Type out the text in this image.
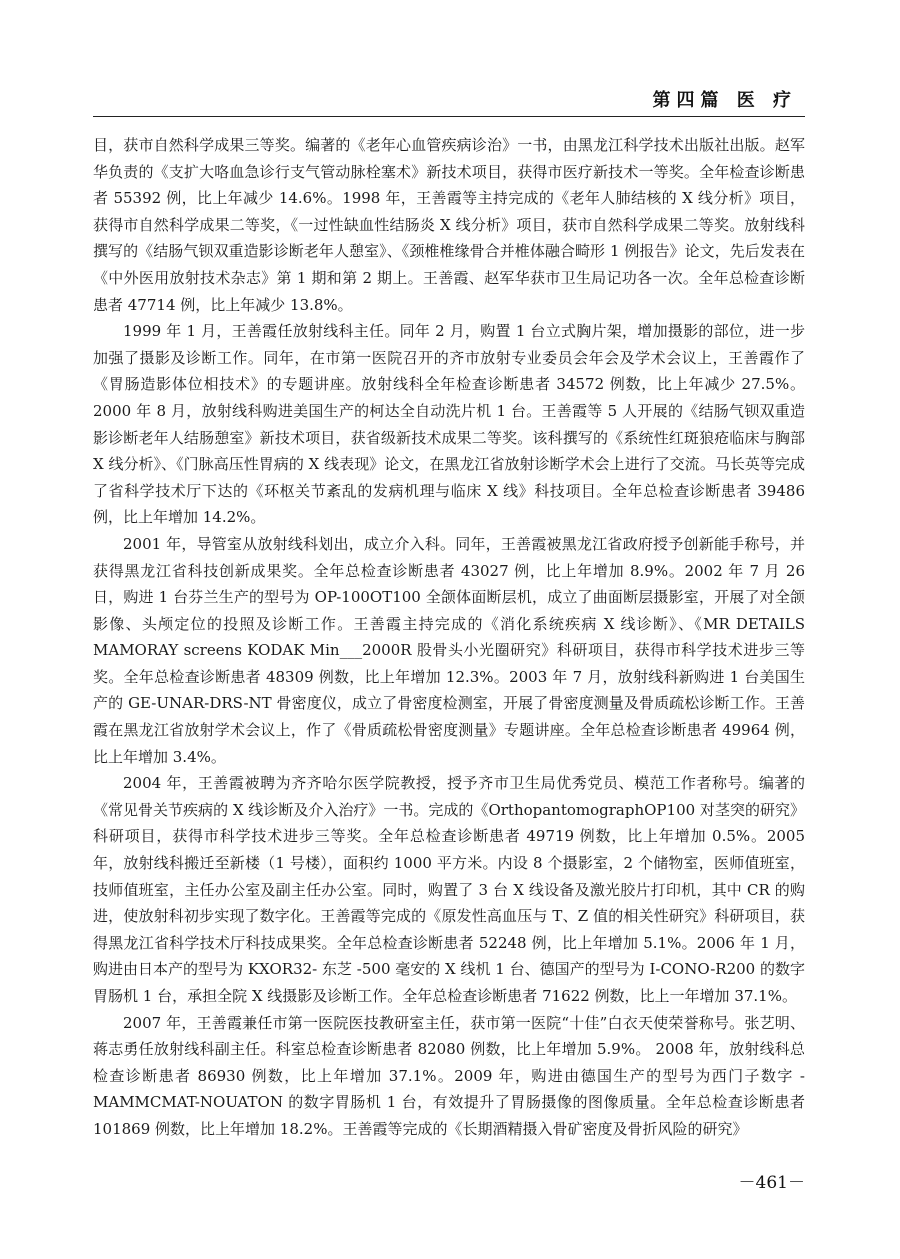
第四篇 医 疗

目，获市自然科学成果三等奖。编著的《老年心血管疾病诊治》一书，由黑龙江科学技术出版社出版。赵军华负责的《支扩大咯血急诊行支气管动脉栓塞术》新技术项目，获得市医疗新技术一等奖。全年检查诊断患者 55392 例，比上年减少 14.6%。1998 年，王善霞等主持完成的《老年人肺结核的 X 线分析》项目，获得市自然科学成果二等奖，《一过性缺血性结肠炎 X 线分析》项目，获市自然科学成果二等奖。放射线科撰写的《结肠气钡双重造影诊断老年人憩室》、《颈椎椎缘骨合并椎体融合畸形 1 例报告》论文，先后发表在《中外医用放射技术杂志》第 1 期和第 2 期上。王善霞、赵军华获市卫生局记功各一次。全年总检查诊断患者 47714 例，比上年减少 13.8%。

1999 年 1 月，王善霞任放射线科主任。同年 2 月，购置 1 台立式胸片架，增加摄影的部位，进一步加强了摄影及诊断工作。同年，在市第一医院召开的齐市放射专业委员会年会及学术会议上，王善霞作了《胃肠造影体位相技术》的专题讲座。放射线科全年检查诊断患者 34572 例数，比上年减少 27.5%。2000 年 8 月，放射线科购进美国生产的柯达全自动洗片机 1 台。王善霞等 5 人开展的《结肠气钡双重造影诊断老年人结肠憩室》新技术项目，获省级新技术成果二等奖。该科撰写的《系统性红斑狼疮临床与胸部 X 线分析》、《门脉高压性胃病的 X 线表现》论文，在黑龙江省放射诊断学术会上进行了交流。马长英等完成了省科学技术厅下达的《环枢关节紊乱的发病机理与临床 X 线》科技项目。全年总检查诊断患者 39486 例，比上年增加 14.2%。

2001 年，导管室从放射线科划出，成立介入科。同年，王善霞被黑龙江省政府授予创新能手称号，并获得黑龙江省科技创新成果奖。全年总检查诊断患者 43027 例，比上年增加 8.9%。2002 年 7 月 26 日，购进 1 台芬兰生产的型号为 OP-100OT100 全颌体面断层机，成立了曲面断层摄影室，开展了对全颌影像、头颅定位的投照及诊断工作。王善霞主持完成的《消化系统疾病 X 线诊断》、《MR DETAILS MAMORAY screens KODAK Min___2000R 股骨头小光圈研究》科研项目，获得市科学技术进步三等奖。全年总检查诊断患者 48309 例数，比上年增加 12.3%。2003 年 7 月，放射线科新购进 1 台美国生产的 GE-UNAR-DRS-NT 骨密度仪，成立了骨密度检测室，开展了骨密度测量及骨质疏松诊断工作。王善霞在黑龙江省放射学术会议上，作了《骨质疏松骨密度测量》专题讲座。全年总检查诊断患者 49964 例，比上年增加 3.4%。

2004 年，王善霞被聘为齐齐哈尔医学院教授，授予齐市卫生局优秀党员、模范工作者称号。编著的《常见骨关节疾病的 X 线诊断及介入治疗》一书。完成的《OrthopantomographOP100 对茎突的研究》科研项目，获得市科学技术进步三等奖。全年总检查诊断患者 49719 例数，比上年增加 0.5%。2005 年，放射线科搬迁至新楼（1 号楼），面积约 1000 平方米。内设 8 个摄影室，2 个储物室，医师值班室，技师值班室，主任办公室及副主任办公室。同时，购置了 3 台 X 线设备及激光胶片打印机，其中 CR 的购进，使放射科初步实现了数字化。王善霞等完成的《原发性高血压与 T、Z 值的相关性研究》科研项目，获得黑龙江省科学技术厅科技成果奖。全年总检查诊断患者 52248 例，比上年增加 5.1%。2006 年 1 月，购进由日本产的型号为 KXOR32- 东芝 -500 毫安的 X 线机 1 台、德国产的型号为 I-CONO-R200 的数字胃肠机 1 台，承担全院 X 线摄影及诊断工作。全年总检查诊断患者 71622 例数，比上一年增加 37.1%。

2007 年，王善霞兼任市第一医院医技教研室主任，获市第一医院“十佳”白衣天使荣誉称号。张艺明、蒋志勇任放射线科副主任。科室总检查诊断患者 82080 例数，比上年增加 5.9%。 2008 年，放射线科总检查诊断患者 86930 例数，比上年增加 37.1%。2009 年，购进由德国生产的型号为西门子数字 -MAMMCMAT-NOUATON 的数字胃肠机 1 台，有效提升了胃肠摄像的图像质量。全年总检查诊断患者 101869 例数，比上年增加 18.2%。王善霞等完成的《长期酒精摄入骨矿密度及骨折风险的研究》

－461－
